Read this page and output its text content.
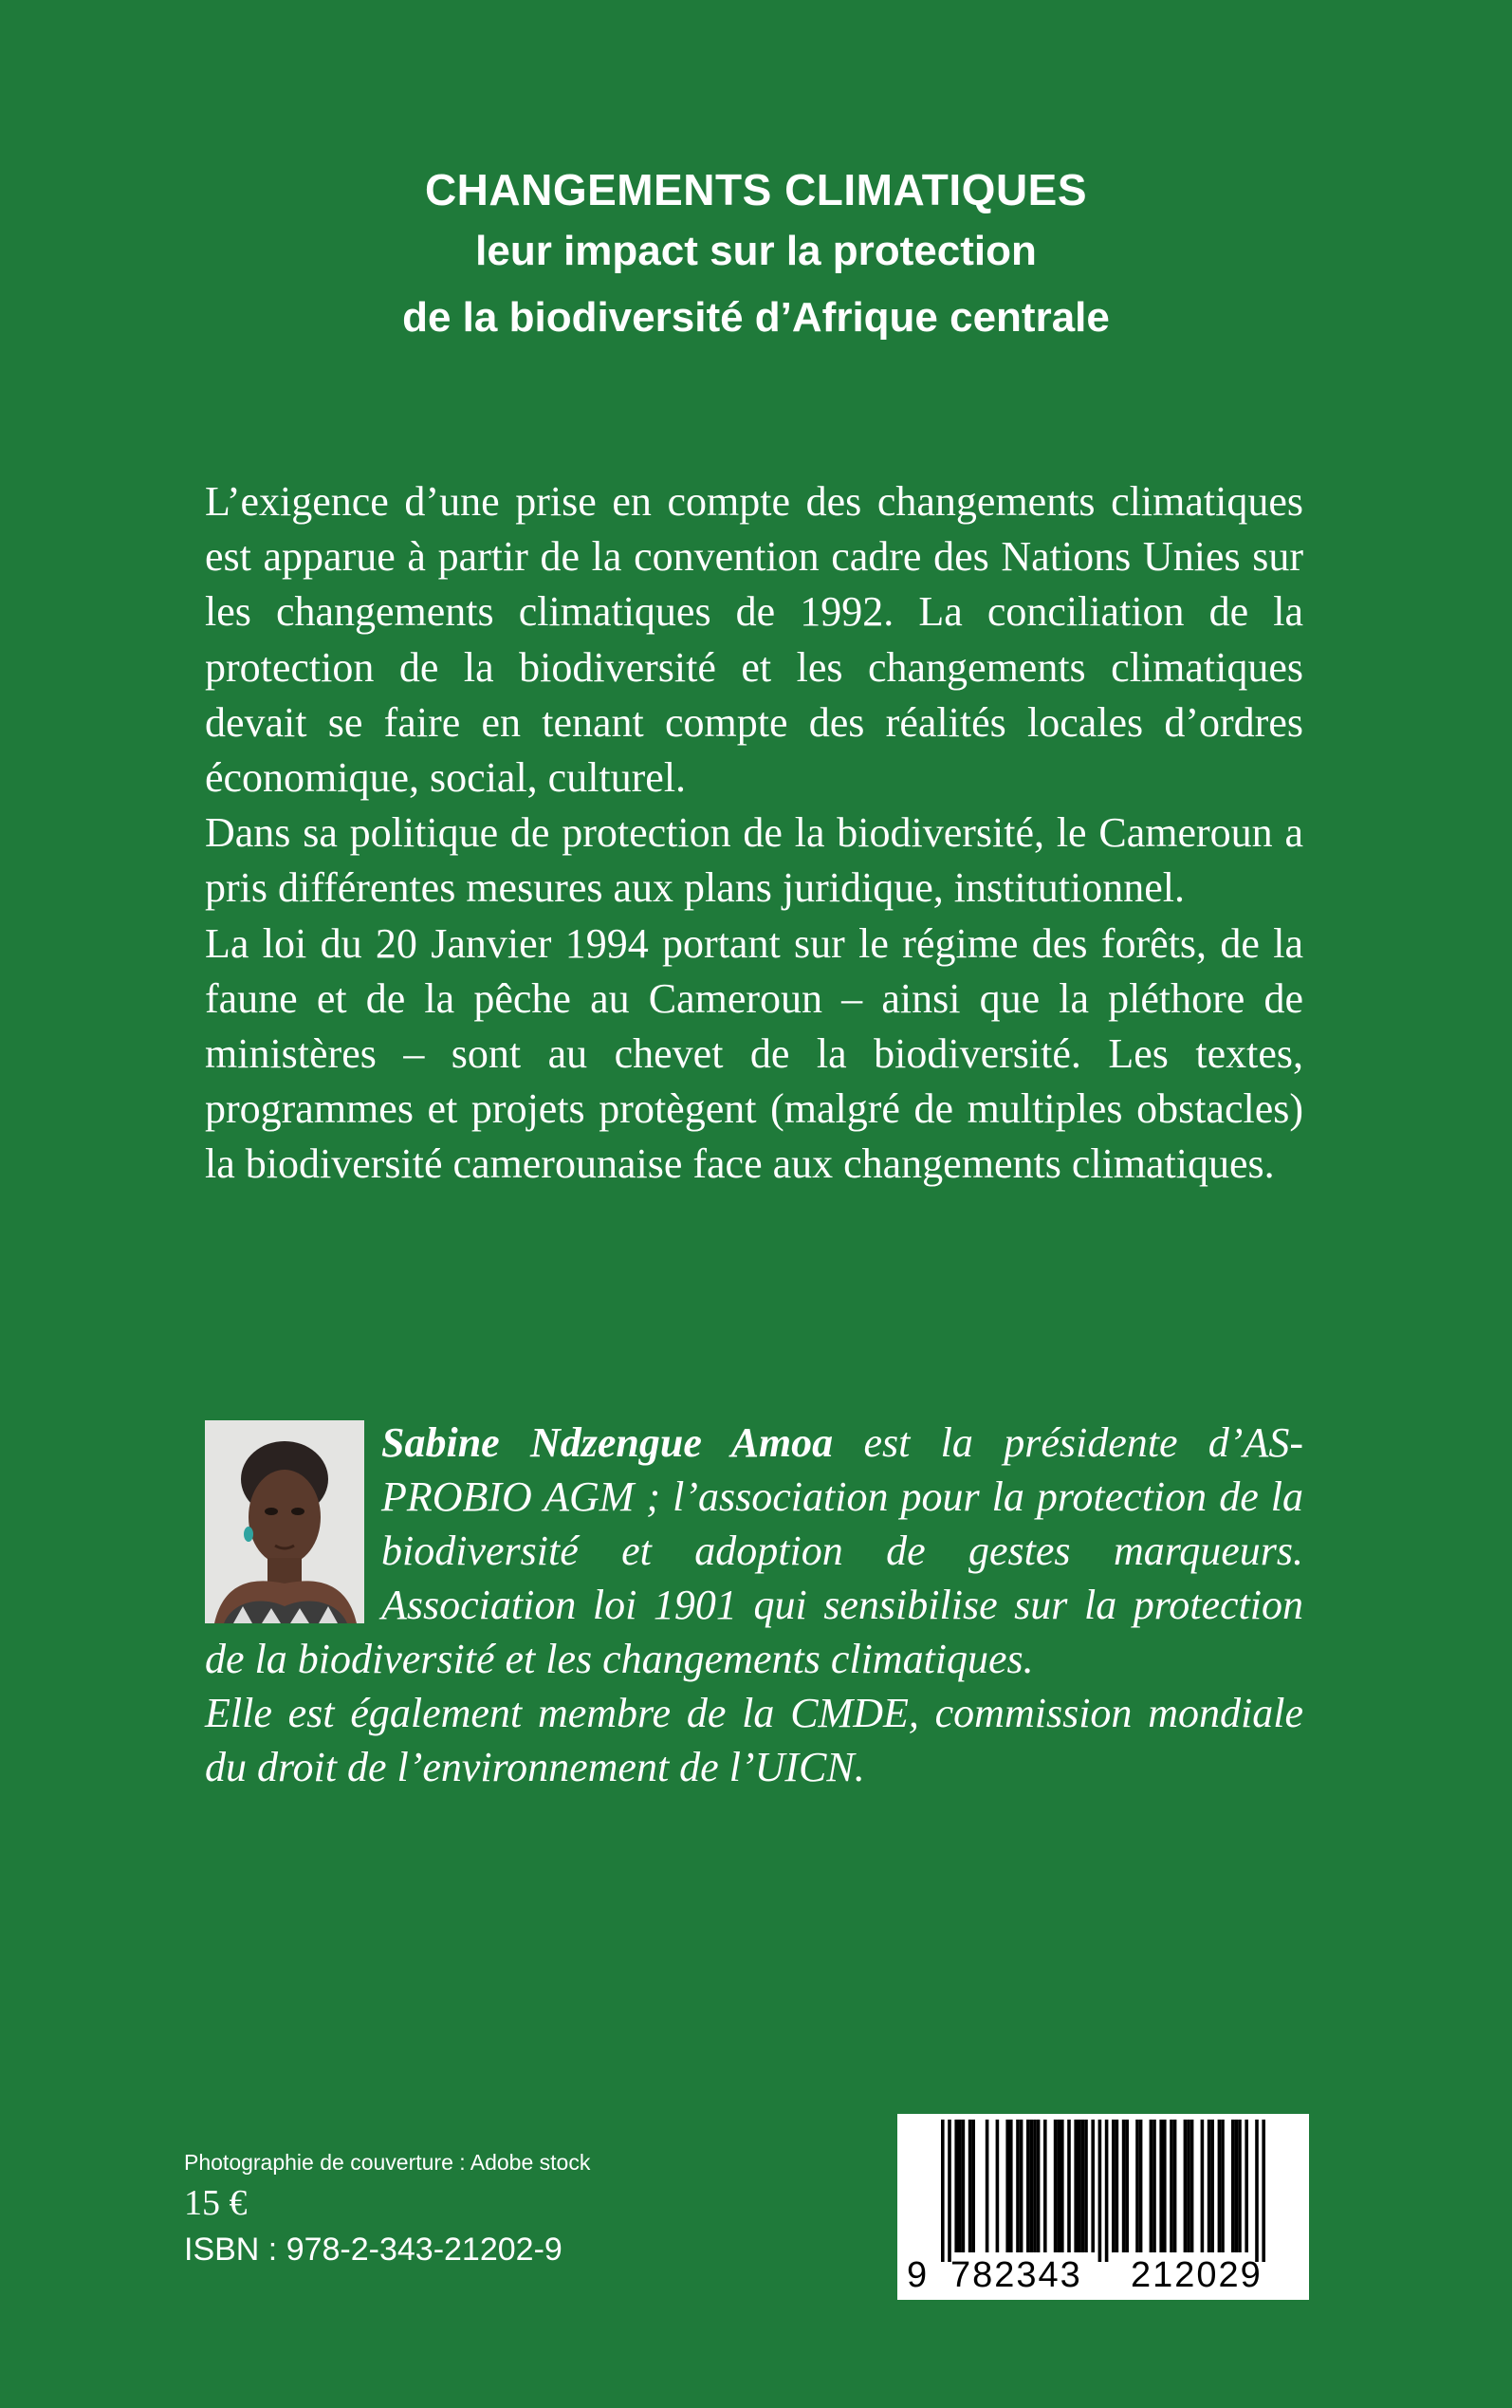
CHANGEMENTS CLIMATIQUES
leur impact sur la protection
de la biodiversité d’Afrique centrale

L’exigence d’une prise en compte des changements climatiques est apparue à partir de la convention cadre des Nations Unies sur les changements climatiques de 1992. La conciliation de la protection de la biodiversité et les changements climatiques devait se faire en tenant compte des réalités locales d’ordres économique, social, culturel.

Dans sa politique de protection de la biodiversité, le Cameroun a pris différentes mesures aux plans juridique, institutionnel.

La loi du 20 Janvier 1994 portant sur le régime des forêts, de la faune et de la pêche au Cameroun – ainsi que la pléthore de ministères – sont au chevet de la biodiversité. Les textes, programmes et projets protègent (malgré de multiples obstacles) la biodiversité camerounaise face aux changements climatiques.

Sabine Ndzengue Amoa est la présidente d’ASPROBIO AGM ; l’association pour la protection de la biodiversité et adoption de gestes marqueurs. Association loi 1901 qui sensibilise sur la protection de la biodiversité et les changements climatiques.

Elle est également membre de la CMDE, commission mondiale du droit de l’environnement de l’UICN.

Photographie de couverture : Adobe stock
15 €
ISBN : 978-2-343-21202-9
9 782343 212029
